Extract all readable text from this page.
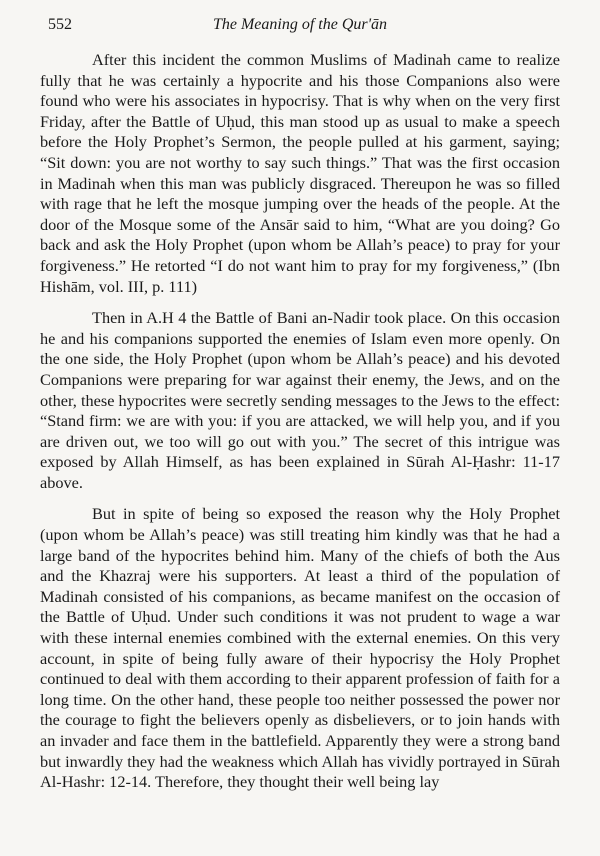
552	The Meaning of the Qur'ān

After this incident the common Muslims of Madinah came to realize fully that he was certainly a hypocrite and his those Companions also were found who were his associates in hypocrisy. That is why when on the very first Friday, after the Battle of Uḥud, this man stood up as usual to make a speech before the Holy Prophet’s Sermon, the people pulled at his garment, saying; “Sit down: you are not worthy to say such things.” That was the first occasion in Madinah when this man was publicly disgraced. Thereupon he was so filled with rage that he left the mosque jumping over the heads of the people. At the door of the Mosque some of the Ansār said to him, “What are you doing? Go back and ask the Holy Prophet (upon whom be Allah’s peace) to pray for your forgiveness.” He retorted “I do not want him to pray for my forgiveness,” (Ibn Hishām, vol. III, p. 111)

Then in A.H 4 the Battle of Bani an-Nadir took place. On this occasion he and his companions supported the enemies of Islam even more openly. On the one side, the Holy Prophet (upon whom be Allah’s peace) and his devoted Companions were preparing for war against their enemy, the Jews, and on the other, these hypocrites were secretly sending messages to the Jews to the effect: “Stand firm: we are with you: if you are attacked, we will help you, and if you are driven out, we too will go out with you.” The secret of this intrigue was exposed by Allah Himself, as has been explained in Sūrah Al-Ḥashr: 11-17 above.

But in spite of being so exposed the reason why the Holy Prophet (upon whom be Allah’s peace) was still treating him kindly was that he had a large band of the hypocrites behind him. Many of the chiefs of both the Aus and the Khazraj were his supporters. At least a third of the population of Madinah consisted of his companions, as became manifest on the occasion of the Battle of Uḥud. Under such conditions it was not prudent to wage a war with these internal enemies combined with the external enemies. On this very account, in spite of being fully aware of their hypocrisy the Holy Prophet continued to deal with them according to their apparent profession of faith for a long time. On the other hand, these people too neither possessed the power nor the courage to fight the believers openly as disbelievers, or to join hands with an invader and face them in the battlefield. Apparently they were a strong band but inwardly they had the weakness which Allah has vividly portrayed in Sūrah Al-Hashr: 12-14. Therefore, they thought their well being lay
